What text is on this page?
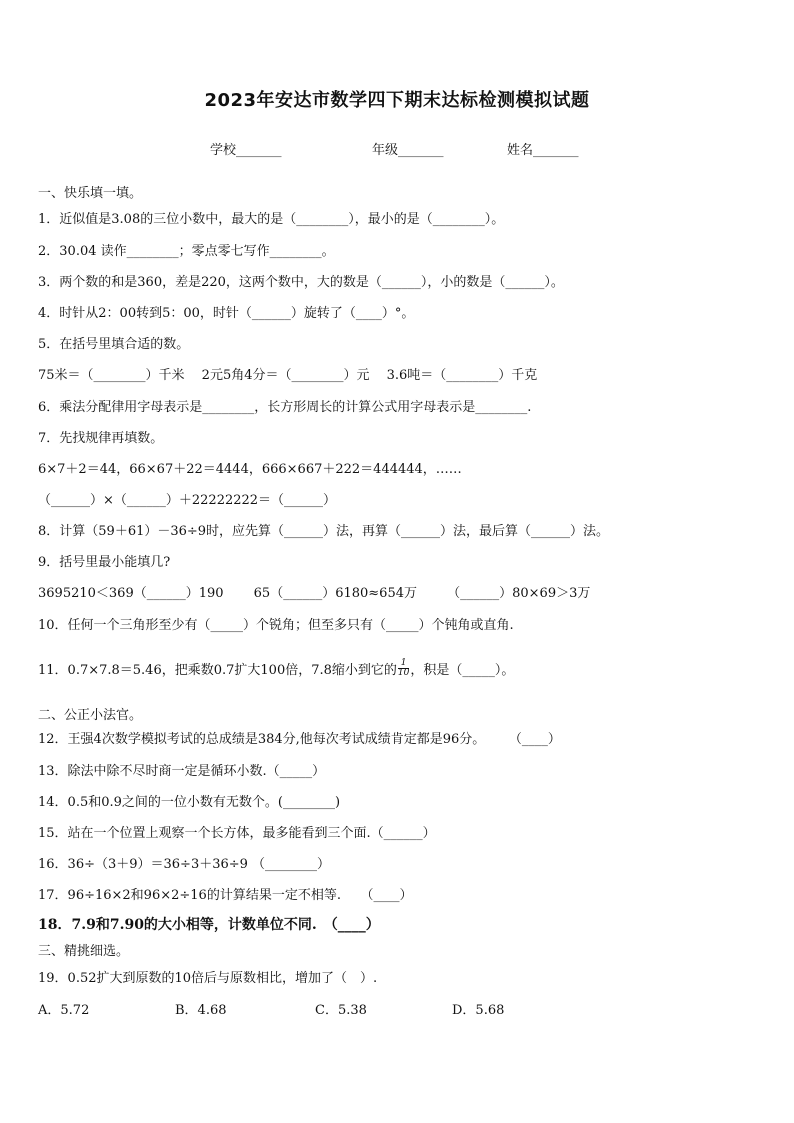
2023年安达市数学四下期末达标检测模拟试题
学校_______	年级_______	姓名_______
一、快乐填一填。
1．近似值是3.08的三位小数中，最大的是（________），最小的是（________）。
2．30.04 读作________；零点零七写作________。
3．两个数的和是360，差是220，这两个数中，大的数是（______），小的数是（______）。
4．时针从2：00转到5：00，时针（______）旋转了（____）°。
5．在括号里填合适的数。
75米＝（________）千米　 2元5角4分＝（________）元　 3.6吨＝（________）千克
6．乘法分配律用字母表示是________，长方形周长的计算公式用字母表示是________.
7．先找规律再填数。
6×7＋2＝44，66×67＋22＝4444，666×667＋222＝444444，……
（______）×（______）＋22222222＝（______）
8．计算（59＋61）－36÷9时，应先算（______）法，再算（______）法，最后算（______）法。
9．括号里最小能填几?
3695210＜369（______）190　　 65（______）6180≈654万　　 （______）80×69＞3万
10．任何一个三角形至少有（_____）个锐角；但至多只有（_____）个钝角或直角.
11．0.7×7.8＝5.46，把乘数0.7扩大100倍，7.8缩小到它的 $\frac{1}{10}$ ，积是（_____）。
二、公正小法官。
12．王强4次数学模拟考试的总成绩是384分,他每次考试成绩肯定都是96分。　　 （____）
13．除法中除不尽时商一定是循环小数.（_____）
14．0.5和0.9之间的一位小数有无数个。(________)
15．站在一个位置上观察一个长方体，最多能看到三个面.（______）
16．36÷（3＋9）＝36÷3＋36÷9 （________）
17．96÷16×2和96×2÷16的计算结果一定不相等.　　（____）
18．7.9和7.90的大小相等，计数单位不同.　（____）
三、精挑细选。
19．0.52扩大到原数的10倍后与原数相比，增加了（　）.
A．5.72	B．4.68	C．5.38	D．5.68
